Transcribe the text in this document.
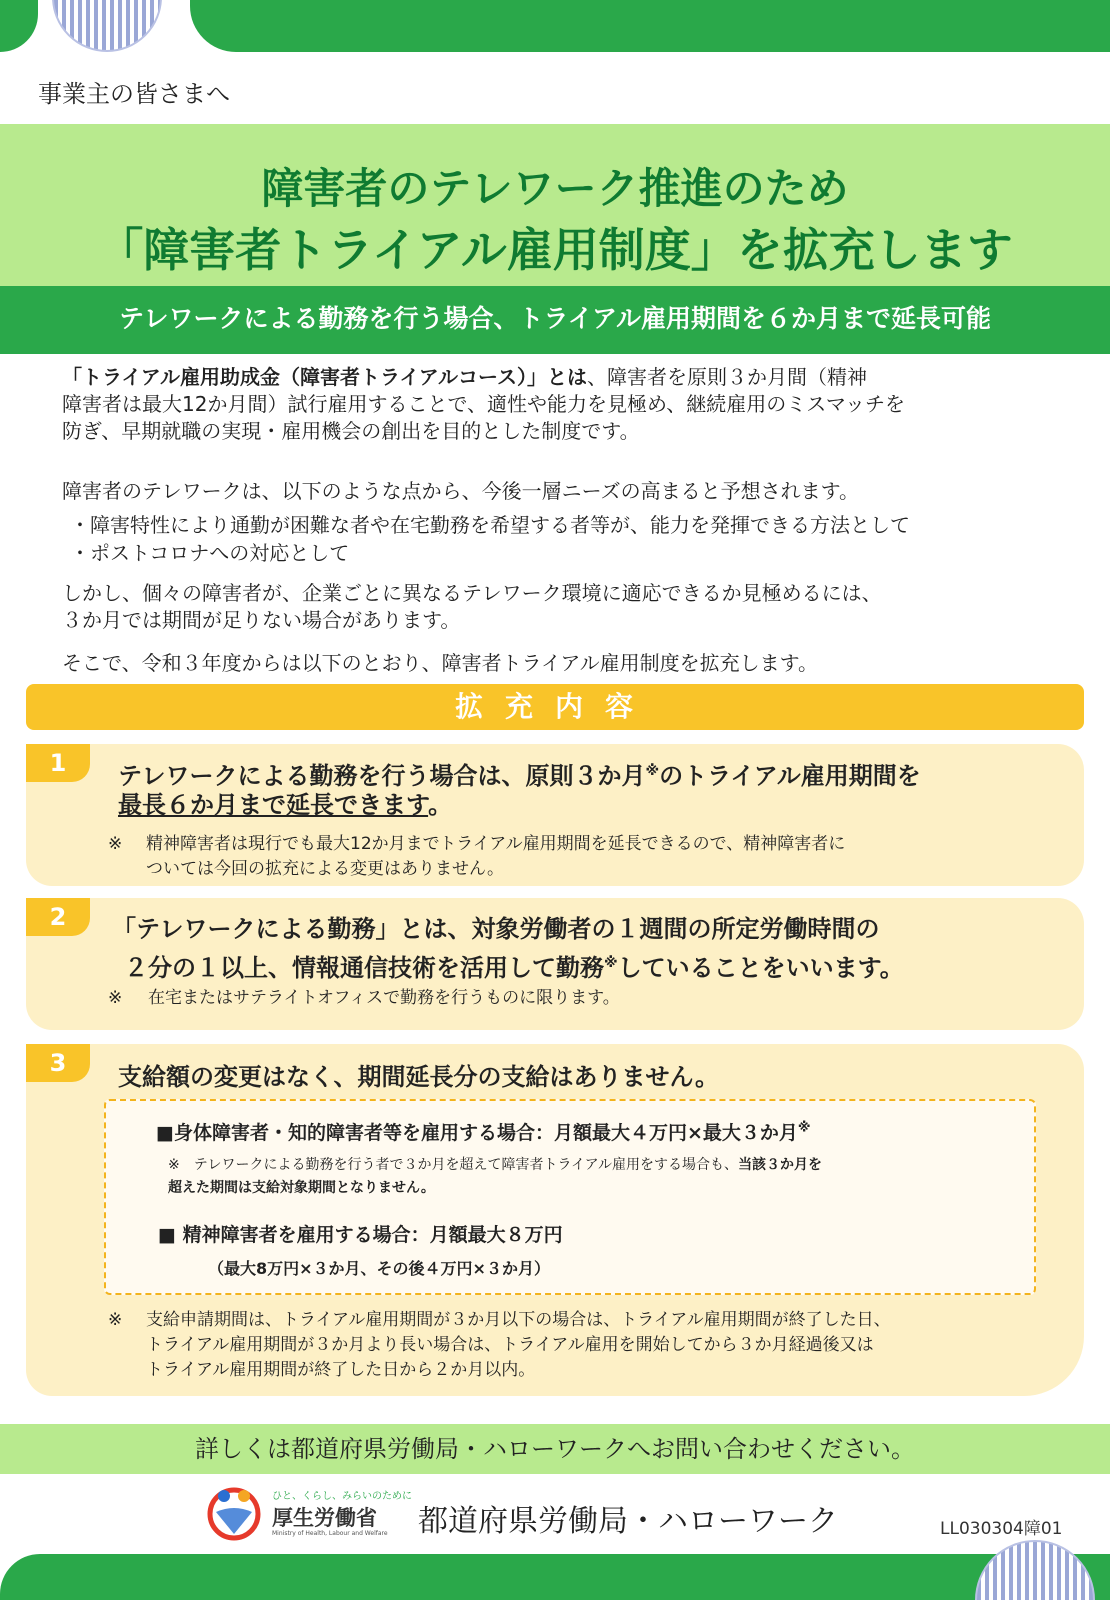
事業主の皆さまへ
障害者のテレワーク推進のため
「障害者トライアル雇用制度」を拡充します
テレワークによる勤務を行う場合、トライアル雇用期間を６か月まで延長可能
「トライアル雇用助成金（障害者トライアルコース）」とは、障害者を原則３か月間（精神
障害者は最大12か月間）試行雇用することで、適性や能力を見極め、継続雇用のミスマッチを
防ぎ、早期就職の実現・雇用機会の創出を目的とした制度です。
障害者のテレワークは、以下のような点から、今後一層ニーズの高まると予想されます。
・障害特性により通勤が困難な者や在宅勤務を希望する者等が、能力を発揮できる方法として
・ポストコロナへの対応として
しかし、個々の障害者が、企業ごとに異なるテレワーク環境に適応できるか見極めるには、
３か月では期間が足りない場合があります。
そこで、令和３年度からは以下のとおり、障害者トライアル雇用制度を拡充します。
拡充内容
1	テレワークによる勤務を行う場合は、原則３か月※のトライアル雇用期間を
最長６か月まで延長できます。
※ 精神障害者は現行でも最大12か月までトライアル雇用期間を延長できるので、精神障害者に
ついては今回の拡充による変更はありません。
2	「テレワークによる勤務」とは、対象労働者の１週間の所定労働時間の
２分の１以上、情報通信技術を活用して勤務※していることをいいます。
※ 在宅またはサテライトオフィスで勤務を行うものに限ります。
3	支給額の変更はなく、期間延長分の支給はありません。
■身体障害者・知的障害者等を雇用する場合：月額最大４万円×最大３か月※
※　テレワークによる勤務を行う者で３か月を超えて障害者トライアル雇用をする場合も、当該３か月を
超えた期間は支給対象期間となりません。
■ 精神障害者を雇用する場合：月額最大８万円
（最大8万円×３か月、その後４万円×３か月）
※ 支給申請期間は、トライアル雇用期間が３か月以下の場合は、トライアル雇用期間が終了した日、
トライアル雇用期間が３か月より長い場合は、トライアル雇用を開始してから３か月経過後又は
トライアル雇用期間が終了した日から２か月以内。
詳しくは都道府県労働局・ハローワークへお問い合わせください。
ひと、くらし、みらいのために
厚生労働省
Ministry of Health, Labour and Welfare 都道府県労働局・ハローワーク	LL030304障01
